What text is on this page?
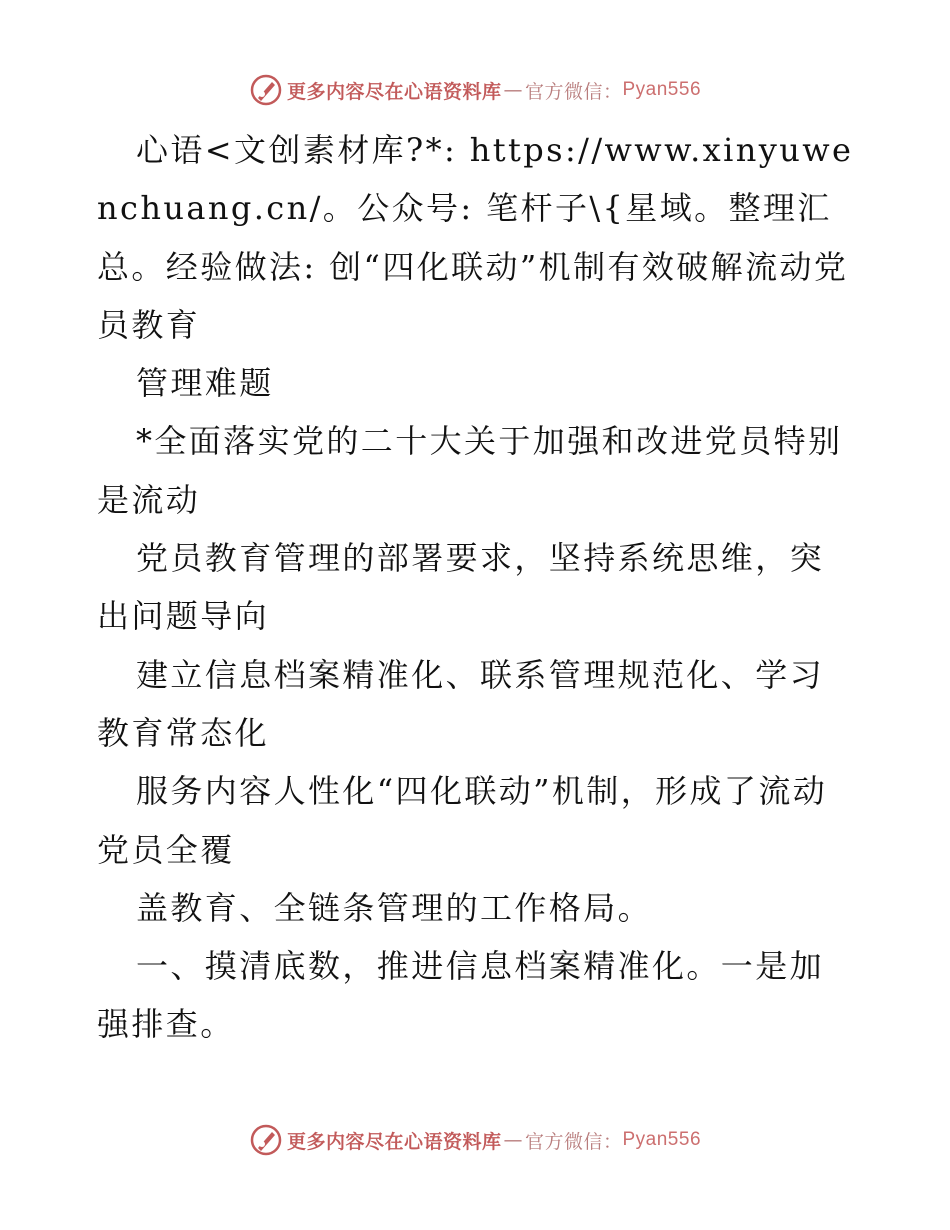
更多内容尽在心语资料库 — 官方微信： Pyan556

心语<文创素材库?*: https://www.xinyuwenchuang.cn/。公众号: 笔杆子\{星域。整理汇总。经验做法: 创“四化联动”机制有效破解流动党员教育

管理难题

*全面落实党的二十大关于加强和改进党员特别是流动

党员教育管理的部署要求，坚持系统思维，突出问题导向

建立信息档案精准化、联系管理规范化、学习教育常态化

服务内容人性化“四化联动”机制，形成了流动党员全覆

盖教育、全链条管理的工作格局。

一、摸清底数，推进信息档案精准化。一是加强排查。

更多内容尽在心语资料库 — 官方微信： Pyan556
